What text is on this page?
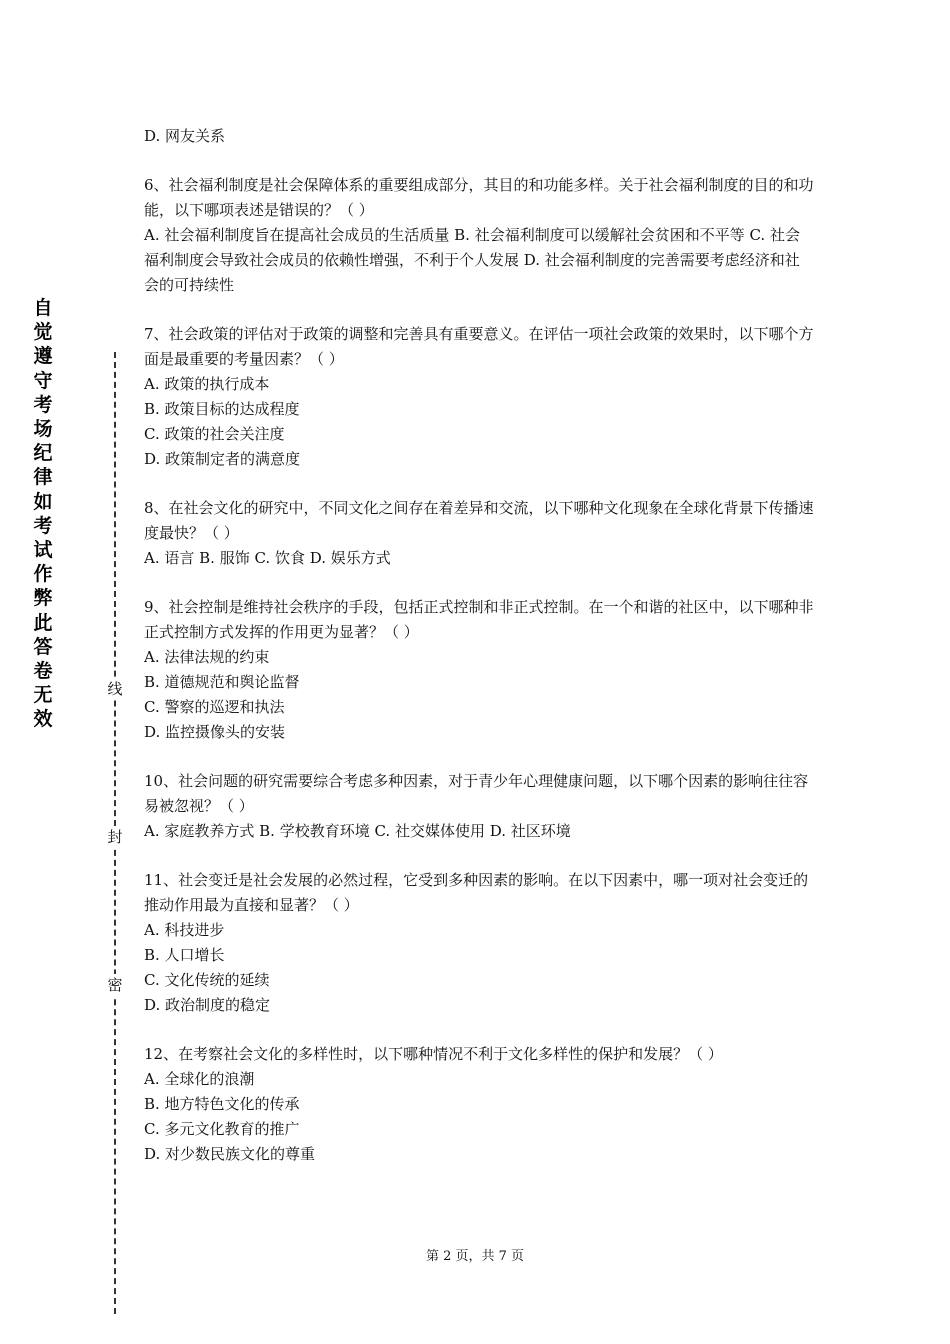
自觉遵守考场纪律如考试作弊此答卷无效
线
封
密
D. 网友关系

6、社会福利制度是社会保障体系的重要组成部分，其目的和功能多样。关于社会福利制度的目的和功能，以下哪项表述是错误的？（ ）

A. 社会福利制度旨在提高社会成员的生活质量 B. 社会福利制度可以缓解社会贫困和不平等 C. 社会福利制度会导致社会成员的依赖性增强，不利于个人发展 D. 社会福利制度的完善需要考虑经济和社会的可持续性

7、社会政策的评估对于政策的调整和完善具有重要意义。在评估一项社会政策的效果时，以下哪个方面是最重要的考量因素？（ ）

A. 政策的执行成本
B. 政策目标的达成程度
C. 政策的社会关注度
D. 政策制定者的满意度

8、在社会文化的研究中，不同文化之间存在着差异和交流，以下哪种文化现象在全球化背景下传播速度最快？（ ）

A. 语言 B. 服饰 C. 饮食 D. 娱乐方式

9、社会控制是维持社会秩序的手段，包括正式控制和非正式控制。在一个和谐的社区中，以下哪种非正式控制方式发挥的作用更为显著？（ ）

A. 法律法规的约束
B. 道德规范和舆论监督
C. 警察的巡逻和执法
D. 监控摄像头的安装

10、社会问题的研究需要综合考虑多种因素，对于青少年心理健康问题，以下哪个因素的影响往往容易被忽视？（ ）

A. 家庭教养方式 B. 学校教育环境 C. 社交媒体使用 D. 社区环境

11、社会变迁是社会发展的必然过程，它受到多种因素的影响。在以下因素中，哪一项对社会变迁的推动作用最为直接和显著？（ ）

A. 科技进步
B. 人口增长
C. 文化传统的延续
D. 政治制度的稳定

12、在考察社会文化的多样性时，以下哪种情况不利于文化多样性的保护和发展？（ ）

A. 全球化的浪潮
B. 地方特色文化的传承
C. 多元文化教育的推广
D. 对少数民族文化的尊重
第 2 页，共 7 页
